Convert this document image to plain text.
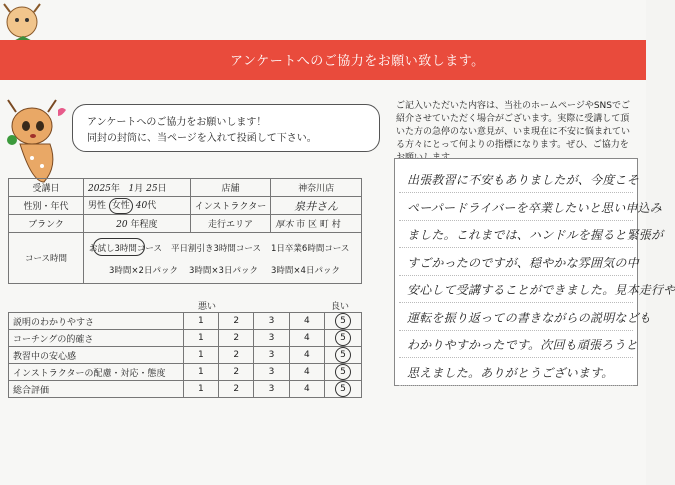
アンケートへのご協力をお願い致します。
アンケートへのご協力をお願いします！
同封の封筒に、当ページを入れて投函して下さい。
受講日	2025年 1月 25日	店舗	神奈川店
性別・年代	男性 女性 40代	インストラクター	泉井さん
ブランク	20 年程度	走行エリア	厚木 市 区 町 村
コース時間
お試し3時間コース 平日割引き3時間コース 1日卒業6時間コース
3時間×2日パック 3時間×3日パック 3時間×4日パック
悪い	良い
説明のわかりやすさ	1	2	3	4	5
コーチングの的確さ	1	2	3	4	5
教習中の安心感	1	2	3	4	5
インストラクターの配慮・対応・態度	1	2	3	4	5
総合評価	1	2	3	4	5
ご記入いただいた内容は、当社のホームページやSNSでご紹介させていただく場合がございます。実際に受講して頂いた方の急停のない意見が、いま現在に不安に悩まれている方々にとって何よりの指標になります。ぜひ、ご協力を
出張教習に不安もありましたが、今度こそ
ペーパードライバーを卒業したいと思い申込み
ました。これまでは、ハンドルを握ると緊張が
すごかったのですが、穏やかな雰囲気の中
安心して受講することができました。見本走行や
運転を振り返っての書きながらの説明なども
わかりやすかったです。次回も頑張ろうと
思えました。ありがとうございます。
